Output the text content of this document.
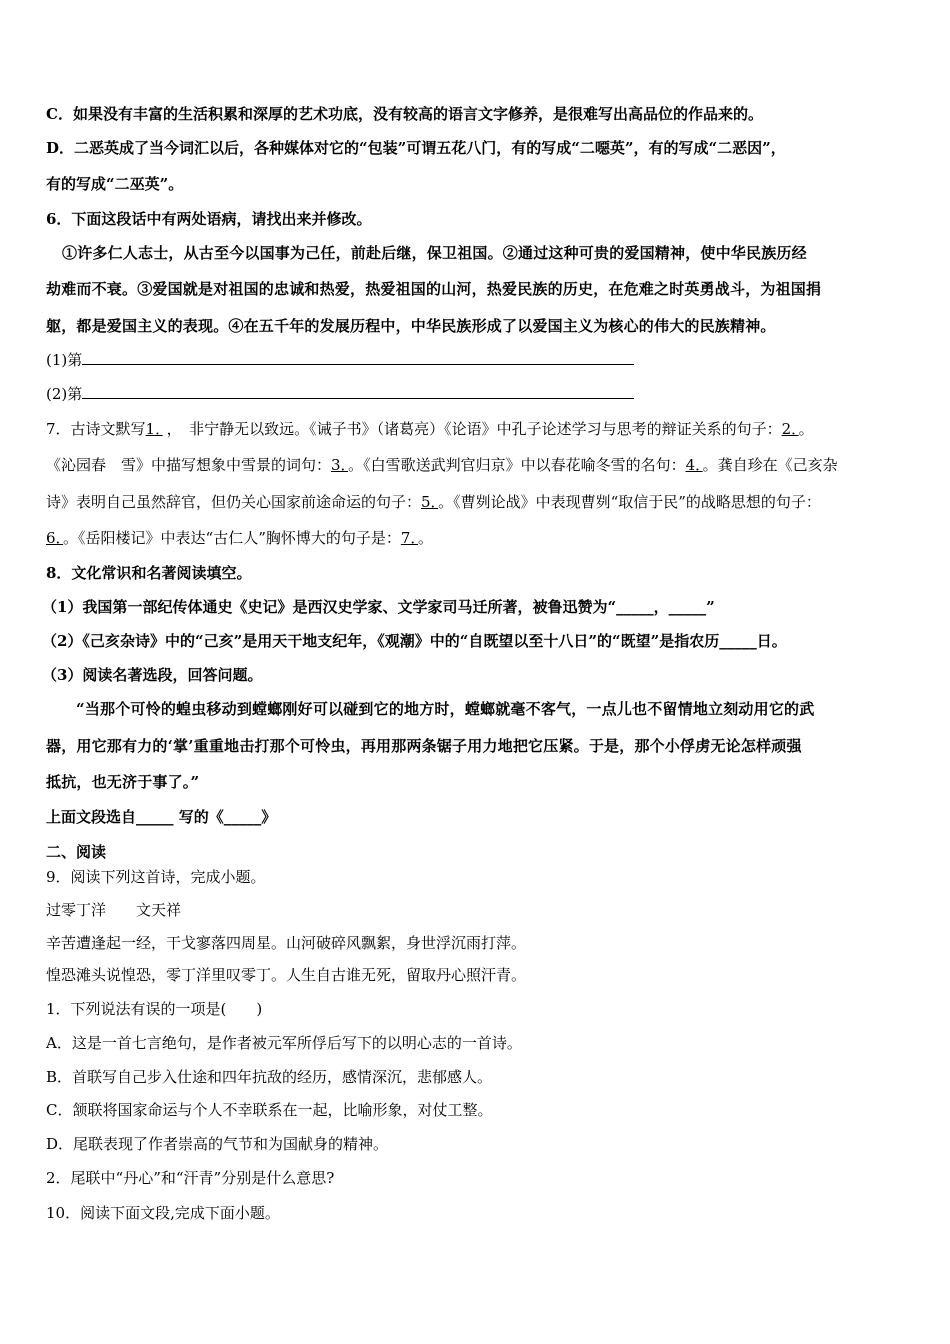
C．如果没有丰富的生活积累和深厚的艺术功底，没有较高的语言文字修养，是很难写出高品位的作品来的。
D．二恶英成了当今词汇以后，各种媒体对它的“包装”可谓五花八门，有的写成“二噁英”，有的写成“二恶因”，
有的写成“二巫英”。
6．下面这段话中有两处语病，请找出来并修改。
①许多仁人志士，从古至今以国事为己任，前赴后继，保卫祖国。②通过这种可贵的爱国精神，使中华民族历经
劫难而不衰。③爱国就是对祖国的忠诚和热爱，热爱祖国的山河，热爱民族的历史，在危难之时英勇战斗，为祖国捐
躯，都是爱国主义的表现。④在五千年的发展历程中，中华民族形成了以爱国主义为核心的伟大的民族精神。
(1)第
(2)第
7．古诗文默写1． ，　非宁静无以致远。《诫子书》（诸葛亮）《论语》中孔子论述学习与思考的辩证关系的句子：2．。
《沁园春　雪》中描写想象中雪景的词句：3．。《白雪歌送武判官归京》中以春花喻冬雪的名句：4．。龚自珍在《己亥杂
诗》表明自己虽然辞官，但仍关心国家前途命运的句子：5．。《曹刿论战》中表现曹刿“取信于民”的战略思想的句子：
6．。《岳阳楼记》中表达“古仁人”胸怀博大的句子是：7．。
8．文化常识和名著阅读填空。
（1）我国第一部纪传体通史《史记》是西汉史学家、文学家司马迁所著，被鲁迅赞为“_____，_____”
（2）《己亥杂诗》中的“己亥”是用天干地支纪年，《观潮》中的“自既望以至十八日”的“既望”是指农历_____日。
（3）阅读名著选段，回答问题。
“当那个可怜的蝗虫移动到螳螂刚好可以碰到它的地方时，螳螂就毫不客气，一点儿也不留情地立刻动用它的武
器，用它那有力的‘掌’重重地击打那个可怜虫，再用那两条锯子用力地把它压紧。于是，那个小俘虏无论怎样顽强
抵抗，也无济于事了。”
上面文段选自_____ 写的《_____》
二、阅读
9．阅读下列这首诗，完成小题。
过零丁洋　　文天祥
辛苦遭逢起一经，干戈寥落四周星。山河破碎风飘絮，身世浮沉雨打萍。
惶恐滩头说惶恐，零丁洋里叹零丁。人生自古谁无死，留取丹心照汗青。
1．下列说法有误的一项是(　　)
A．这是一首七言绝句，是作者被元军所俘后写下的以明心志的一首诗。
B．首联写自己步入仕途和四年抗敌的经历，感情深沉，悲郁感人。
C．颔联将国家命运与个人不幸联系在一起，比喻形象，对仗工整。
D．尾联表现了作者崇高的气节和为国献身的精神。
2．尾联中“丹心”和“汗青”分别是什么意思?
10．阅读下面文段,完成下面小题。
